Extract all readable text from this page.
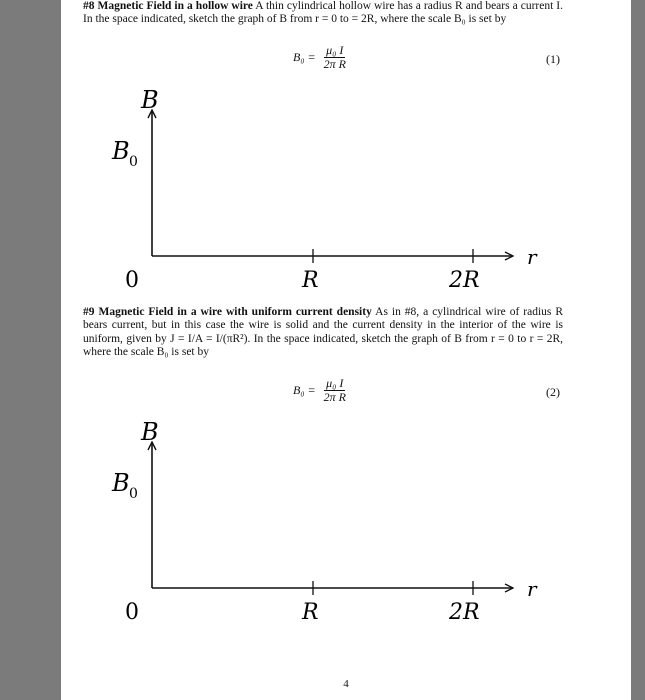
#8 Magnetic Field in a hollow wire A thin cylindrical hollow wire has a radius R and bears a current I. In the space indicated, sketch the graph of B from r = 0 to = 2R, where the scale B₀ is set by
$B_0 = \frac{\text{μ₀ I}}{\text{2π R}}$	(1)
B
B 0
r
0	R	2R
#9 Magnetic Field in a wire with uniform current density As in #8, a cylindrical wire of radius R bears current, but in this case the wire is solid and the current density in the interior of the wire is uniform, given by J = I/A = I/(πR²). In the space indicated, sketch the graph of B from r = 0 to r = 2R, where the scale B₀ is set by
$B_0 = \frac{\text{μ₀ I}}{\text{2π R}}$	(2)
B
B 0
r
0	R	2R
4
